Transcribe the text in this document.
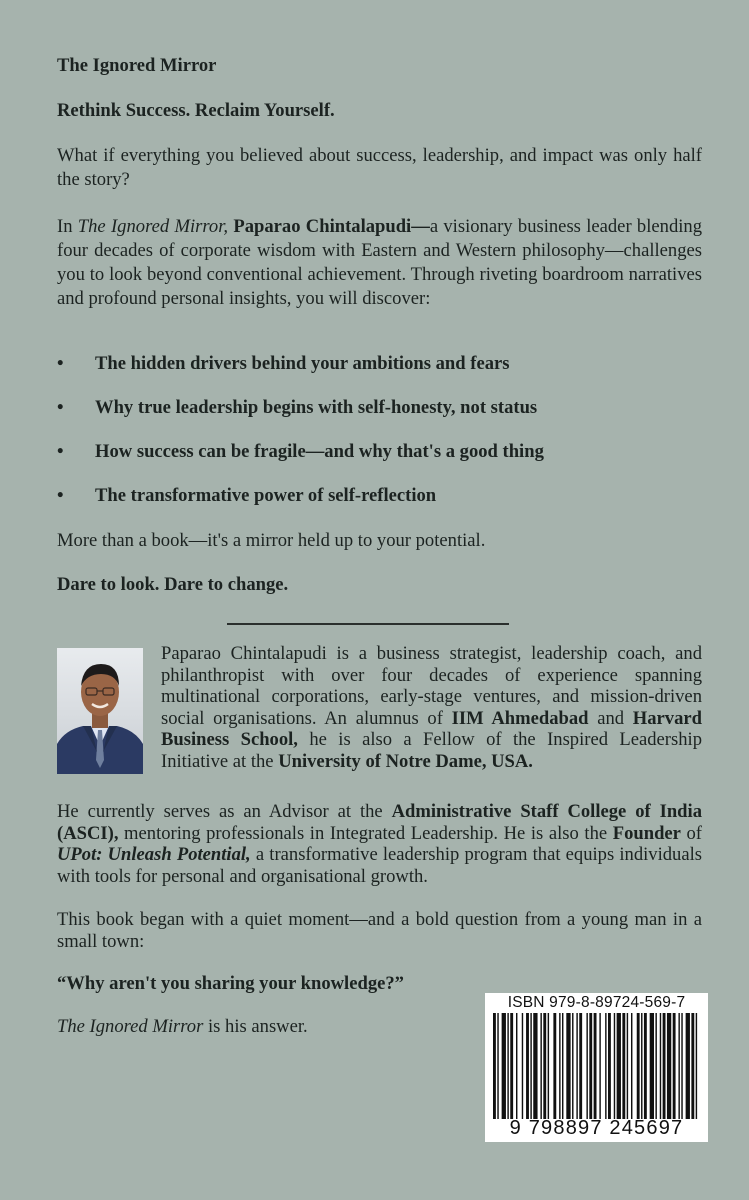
The Ignored Mirror

Rethink Success. Reclaim Yourself.

What if everything you believed about success, leadership, and impact was only half the story?

In The Ignored Mirror, Paparao Chintalapudi—a visionary business leader blending four decades of corporate wisdom with Eastern and Western philosophy—challenges you to look beyond conventional achievement. Through riveting boardroom narratives and profound personal insights, you will discover:

• The hidden drivers behind your ambitions and fears
• Why true leadership begins with self-honesty, not status
• How success can be fragile—and why that's a good thing
• The transformative power of self-reflection

More than a book—it's a mirror held up to your potential.

Dare to look. Dare to change.

Paparao Chintalapudi is a business strategist, leadership coach, and philanthropist with over four decades of experience spanning multinational corporations, early-stage ventures, and mission-driven social organisations. An alumnus of IIM Ahmedabad and Harvard Business School, he is also a Fellow of the Inspired Leadership Initiative at the University of Notre Dame, USA.

He currently serves as an Advisor at the Administrative Staff College of India (ASCI), mentoring professionals in Integrated Leadership. He is also the Founder of UPot: Unleash Potential, a transformative leadership program that equips individuals with tools for personal and organisational growth.

This book began with a quiet moment—and a bold question from a young man in a small town:

“Why aren't you sharing your knowledge?”

The Ignored Mirror is his answer.

ISBN 979-8-89724-569-7
9 798897 245697
